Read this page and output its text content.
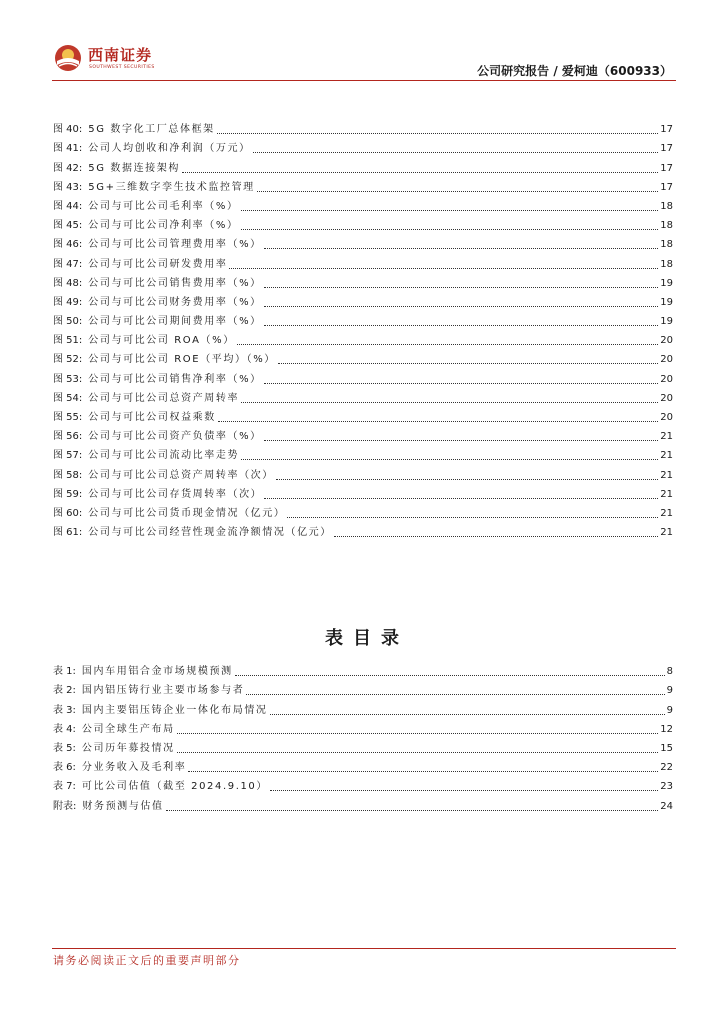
西南证券
SOUTHWEST SECURITIES	公司研究报告 / 爱柯迪（600933）
图 40: 5G 数字化工厂总体框架	17
图 41: 公司人均创收和净利润（万元）	17
图 42: 5G 数据连接架构	17
图 43: 5G+三维数字孪生技术监控管理	17
图 44: 公司与可比公司毛利率（%）	18
图 45: 公司与可比公司净利率（%）	18
图 46: 公司与可比公司管理费用率（%）	18
图 47: 公司与可比公司研发费用率	18
图 48: 公司与可比公司销售费用率（%）	19
图 49: 公司与可比公司财务费用率（%）	19
图 50: 公司与可比公司期间费用率（%）	19
图 51: 公司与可比公司 ROA（%）	20
图 52: 公司与可比公司 ROE（平均）（%）	20
图 53: 公司与可比公司销售净利率（%）	20
图 54: 公司与可比公司总资产周转率	20
图 55: 公司与可比公司权益乘数	20
图 56: 公司与可比公司资产负债率（%）	21
图 57: 公司与可比公司流动比率走势	21
图 58: 公司与可比公司总资产周转率（次）	21
图 59: 公司与可比公司存货周转率（次）	21
图 60: 公司与可比公司货币现金情况（亿元）	21
图 61: 公司与可比公司经营性现金流净额情况（亿元）	21
表目录
表 1: 国内车用铝合金市场规模预测	8
表 2: 国内铝压铸行业主要市场参与者	9
表 3: 国内主要铝压铸企业一体化布局情况	9
表 4: 公司全球生产布局	12
表 5: 公司历年募投情况	15
表 6: 分业务收入及毛利率	22
表 7: 可比公司估值（截至 2024.9.10）	23
附表: 财务预测与估值	24
请务必阅读正文后的重要声明部分
